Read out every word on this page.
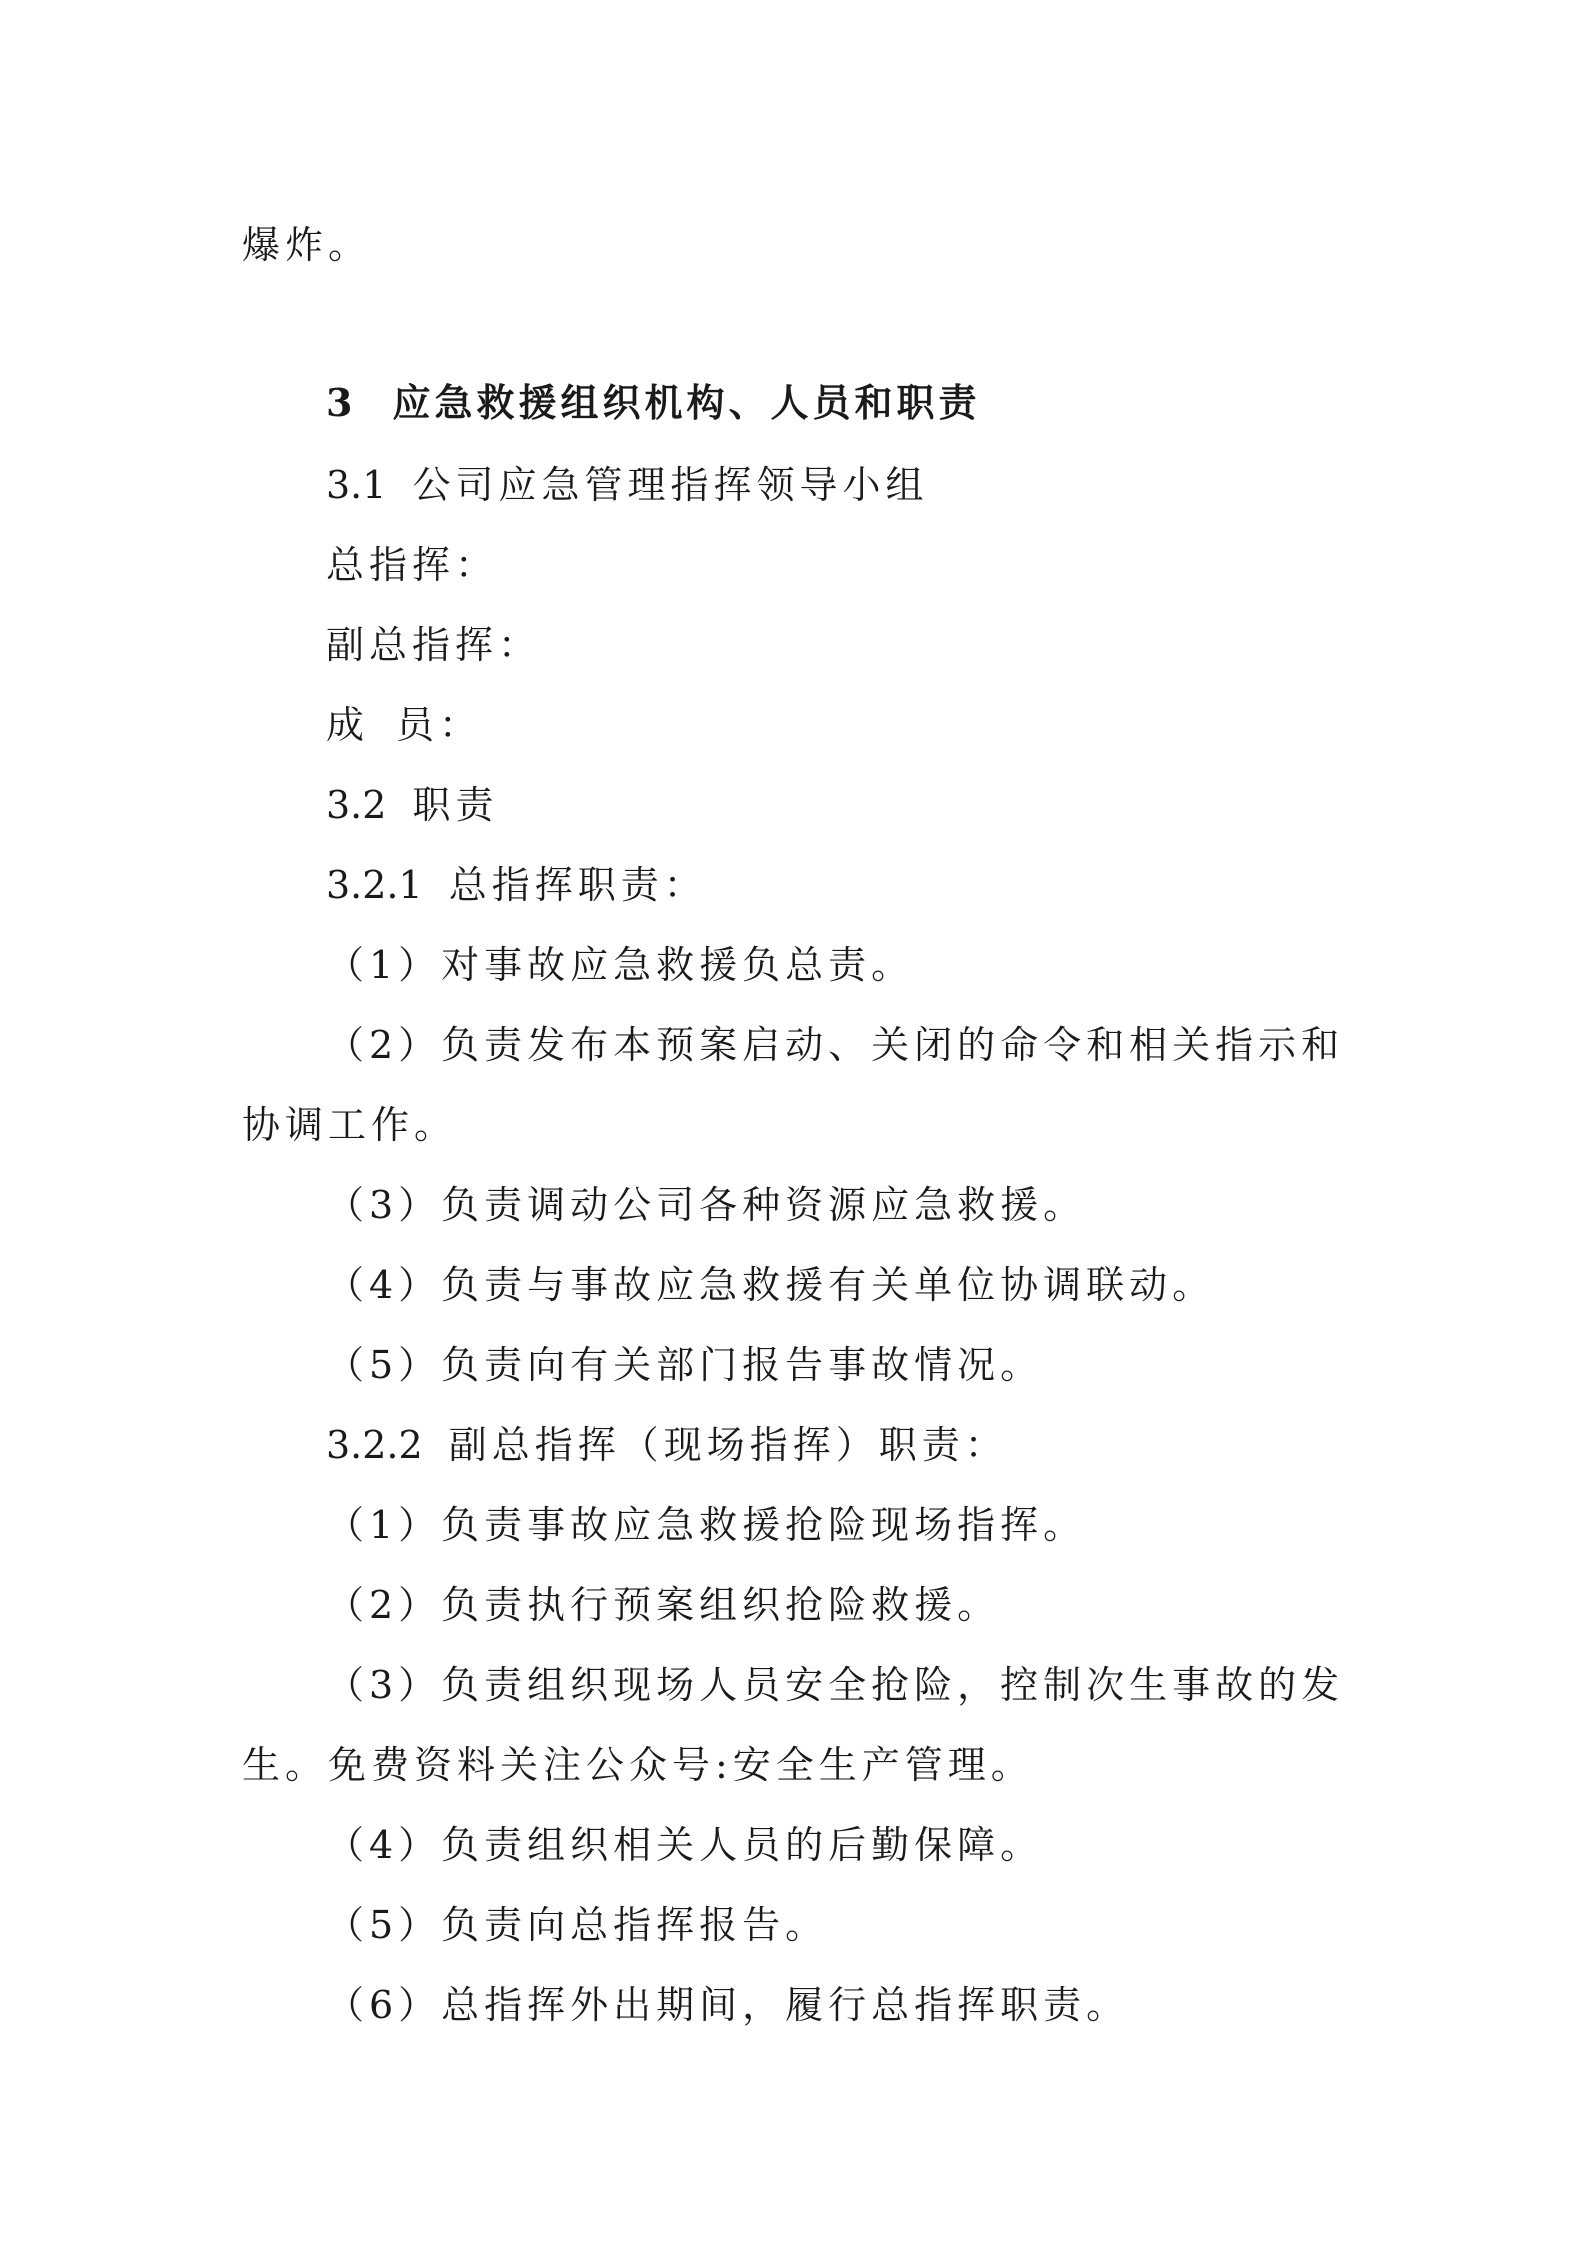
爆炸。
3 应急救援组织机构、人员和职责
3.1 公司应急管理指挥领导小组
总指挥：
副总指挥：
成 员：
3.2 职责
3.2.1 总指挥职责：
（1）对事故应急救援负总责。
（2）负责发布本预案启动、关闭的命令和相关指示和
协调工作。
（3）负责调动公司各种资源应急救援。
（4）负责与事故应急救援有关单位协调联动。
（5）负责向有关部门报告事故情况。
3.2.2 副总指挥（现场指挥）职责：
（1）负责事故应急救援抢险现场指挥。
（2）负责执行预案组织抢险救援。
（3）负责组织现场人员安全抢险，控制次生事故的发
生。免费资料关注公众号:安全生产管理。
（4）负责组织相关人员的后勤保障。
（5）负责向总指挥报告。
（6）总指挥外出期间，履行总指挥职责。
